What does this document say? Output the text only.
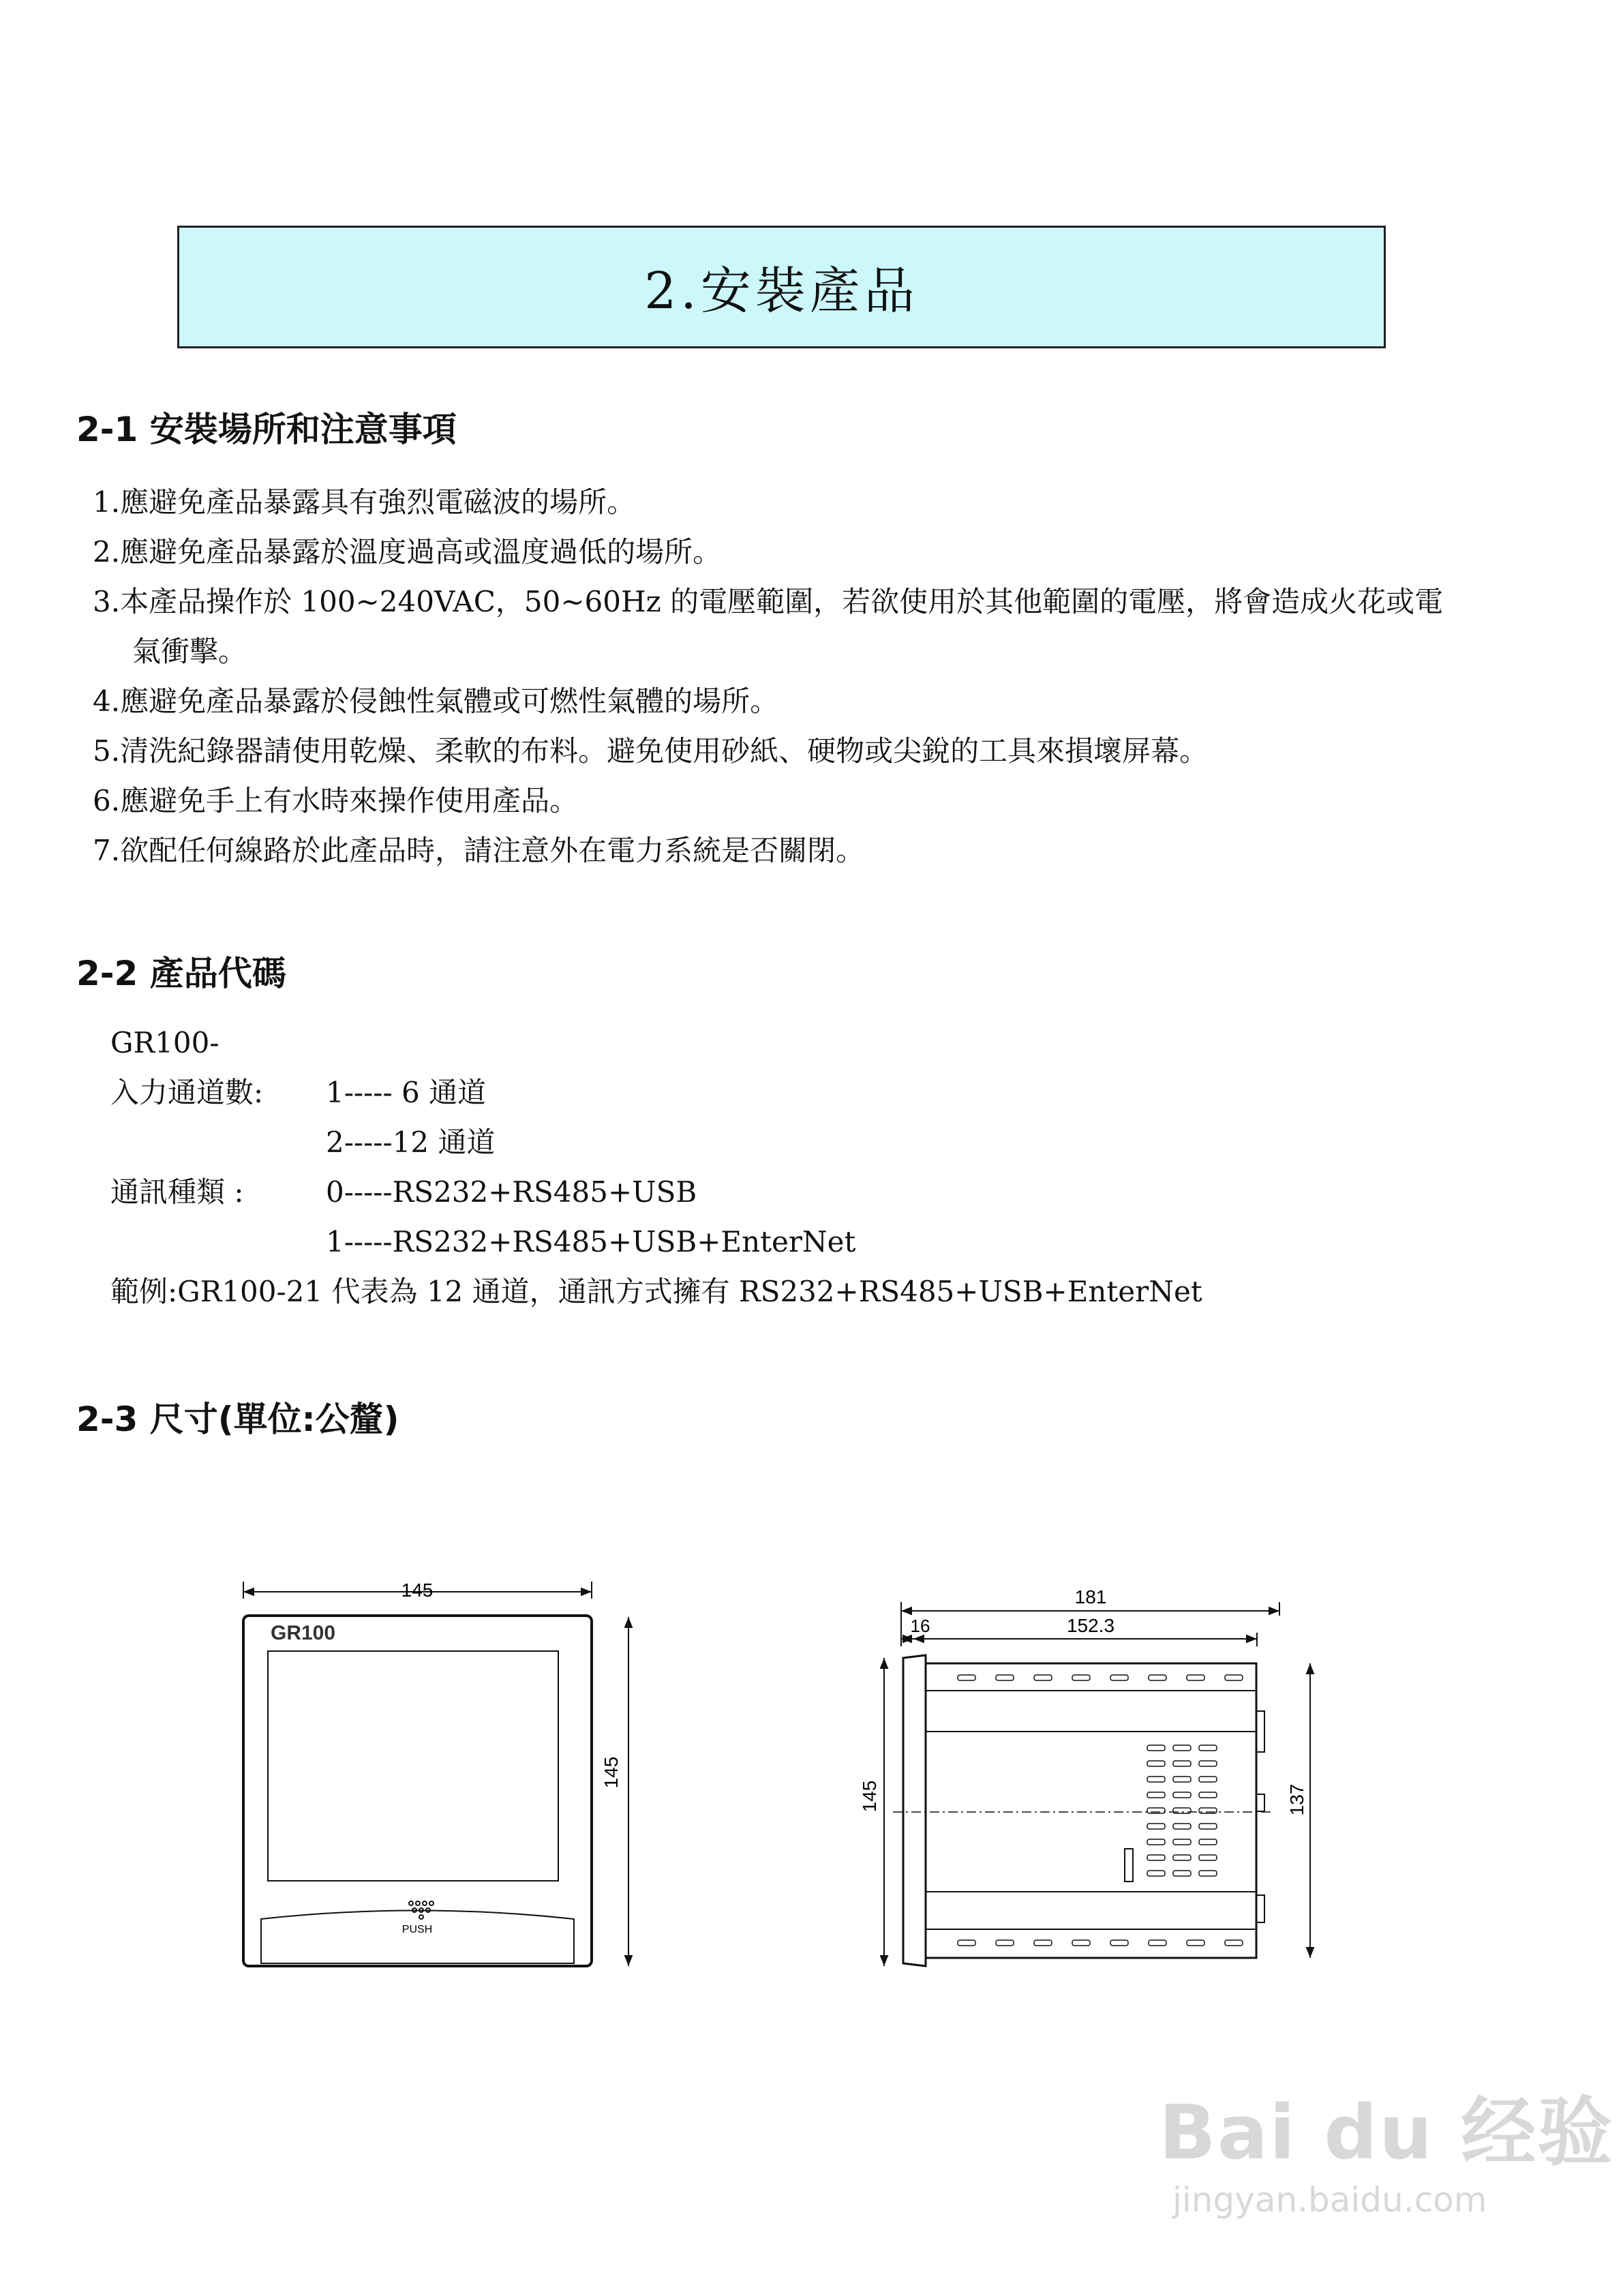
2.安裝產品
2-1 安裝場所和注意事項
1.應避免產品暴露具有強烈電磁波的場所。
2.應避免產品暴露於溫度過高或溫度過低的場所。
3.本產品操作於 100~240VAC，50~60Hz 的電壓範圍，若欲使用於其他範圍的電壓，將會造成火花或電
氣衝擊。
4.應避免產品暴露於侵蝕性氣體或可燃性氣體的場所。
5.清洗紀錄器請使用乾燥、柔軟的布料。避免使用砂紙、硬物或尖銳的工具來損壞屏幕。
6.應避免手上有水時來操作使用產品。
7.欲配任何線路於此產品時，請注意外在電力系統是否關閉。
2-2 產品代碼
GR100-
入力通道數:	1----- 6 通道
2-----12 通道
通訊種類 :	0-----RS232+RS485+USB
1-----RS232+RS485+USB+EnterNet
範例:GR100-21 代表為 12 通道，通訊方式擁有 RS232+RS485+USB+EnterNet
2-3 尺寸(單位:公釐)
145
145
GR100
PUSH
181
16	152.3
145	137
Bai du 经验
jingyan.baidu.com
